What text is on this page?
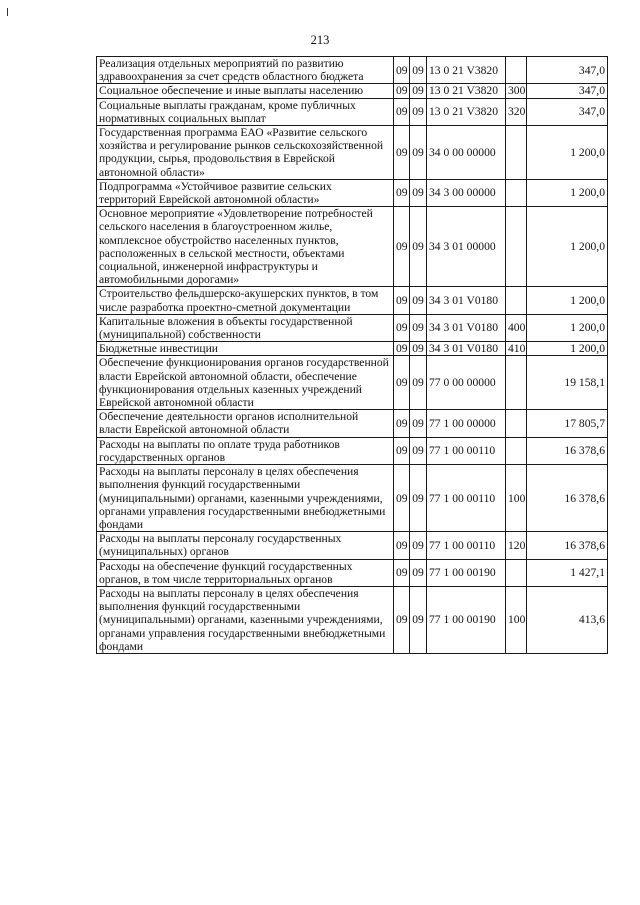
213
Реализация отдельных мероприятий по развитию здравоохранения за счет средств областного бюджета	09	09	13 0 21 V3820		347,0
Социальное обеспечение и иные выплаты населению	09	09	13 0 21 V3820	300	347,0
Социальные выплаты гражданам, кроме публичных нормативных социальных выплат	09	09	13 0 21 V3820	320	347,0
Государственная программа ЕАО «Развитие сельского хозяйства и регулирование рынков сельскохозяйственной продукции, сырья, продовольствия в Еврейской автономной области»	09	09	34 0 00 00000		1 200,0
Подпрограмма «Устойчивое развитие сельских территорий Еврейской автономной области»	09	09	34 3 00 00000		1 200,0
Основное мероприятие «Удовлетворение потребностей сельского населения в благоустроенном жилье, комплексное обустройство населенных пунктов, расположенных в сельской местности, объектами социальной, инженерной инфраструктуры и автомобильными дорогами»	09	09	34 3 01 00000		1 200,0
Строительство фельдшерско-акушерских пунктов, в том числе разработка проектно-сметной документации	09	09	34 3 01 V0180		1 200,0
Капитальные вложения в объекты государственной (муниципальной) собственности	09	09	34 3 01 V0180	400	1 200,0
Бюджетные инвестиции	09	09	34 3 01 V0180	410	1 200,0
Обеспечение функционирования органов государственной власти Еврейской автономной области, обеспечение функционирования отдельных казенных учреждений Еврейской автономной области	09	09	77 0 00 00000		19 158,1
Обеспечение деятельности органов исполнительной власти Еврейской автономной области	09	09	77 1 00 00000		17 805,7
Расходы на выплаты по оплате труда работников государственных органов	09	09	77 1 00 00110		16 378,6
Расходы на выплаты персоналу в целях обеспечения выполнения функций государственными (муниципальными) органами, казенными учреждениями, органами управления государственными внебюджетными фондами	09	09	77 1 00 00110	100	16 378,6
Расходы на выплаты персоналу государственных (муниципальных) органов	09	09	77 1 00 00110	120	16 378,6
Расходы на обеспечение функций государственных органов, в том числе территориальных органов	09	09	77 1 00 00190		1 427,1
Расходы на выплаты персоналу в целях обеспечения выполнения функций государственными (муниципальными) органами, казенными учреждениями, органами управления государственными внебюджетными фондами	09	09	77 1 00 00190	100	413,6
